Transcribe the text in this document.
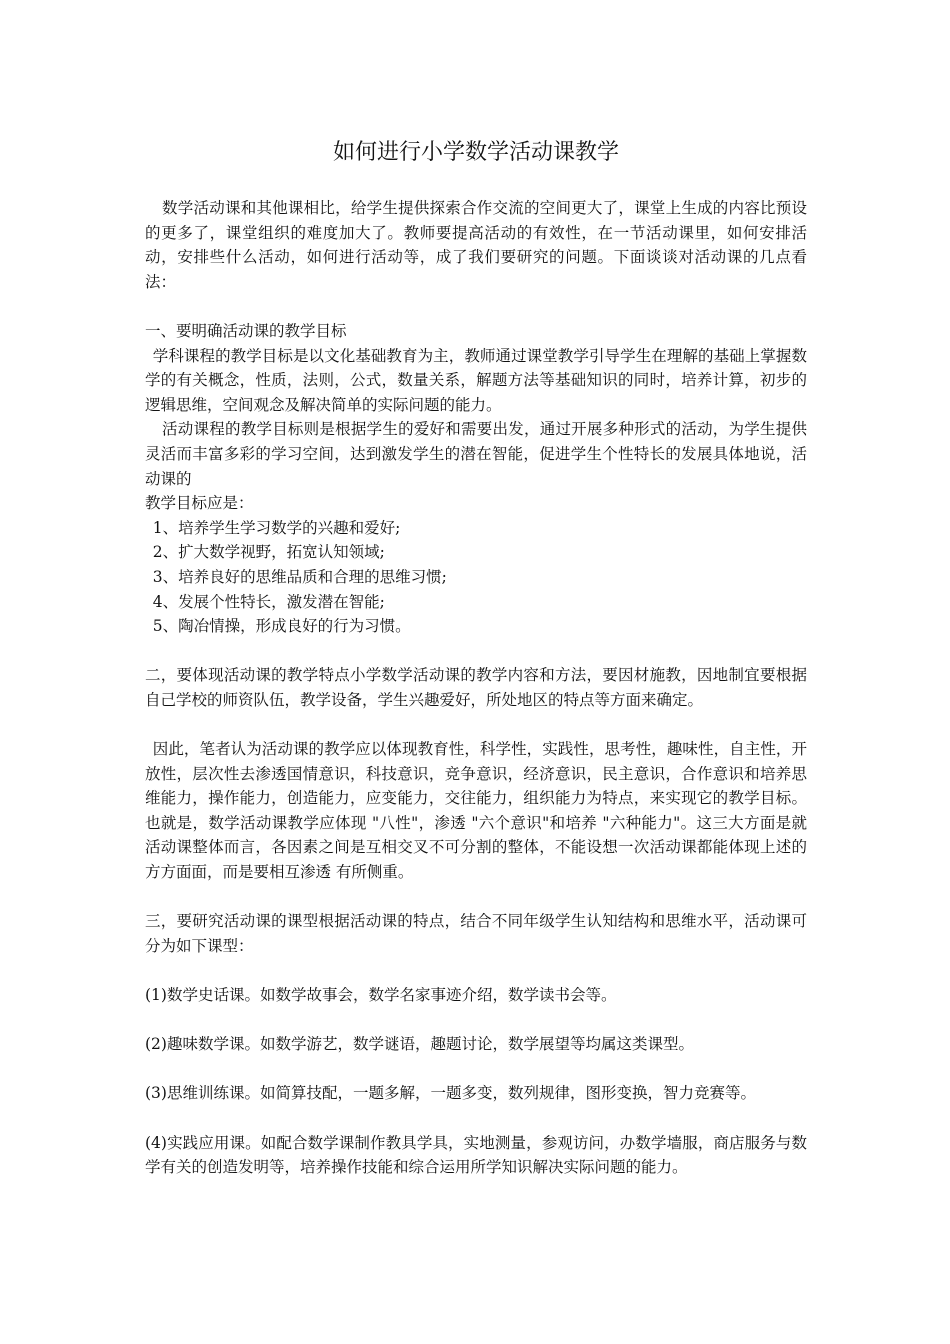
如何进行小学数学活动课教学

数学活动课和其他课相比，给学生提供探索合作交流的空间更大了，课堂上生成的内容比预设的更多了，课堂组织的难度加大了。教师要提高活动的有效性，在一节活动课里，如何安排活动，安排些什么活动，如何进行活动等，成了我们要研究的问题。下面谈谈对活动课的几点看法：

一、要明确活动课的教学目标

学科课程的教学目标是以文化基础教育为主，教师通过课堂教学引导学生在理解的基础上掌握数学的有关概念，性质，法则，公式，数量关系，解题方法等基础知识的同时，培养计算，初步的逻辑思维，空间观念及解决简单的实际问题的能力。

活动课程的教学目标则是根据学生的爱好和需要出发，通过开展多种形式的活动，为学生提供灵活而丰富多彩的学习空间，达到激发学生的潜在智能，促进学生个性特长的发展具体地说，活动课的

教学目标应是：

1、培养学生学习数学的兴趣和爱好;

2、扩大数学视野，拓宽认知领域;

3、培养良好的思维品质和合理的思维习惯;

4、发展个性特长，激发潜在智能;

5、陶冶情操，形成良好的行为习惯。

二，要体现活动课的教学特点小学数学活动课的教学内容和方法，要因材施教，因地制宜要根据自己学校的师资队伍，教学设备，学生兴趣爱好，所处地区的特点等方面来确定。

因此，笔者认为活动课的教学应以体现教育性，科学性，实践性，思考性，趣味性，自主性，开放性，层次性去渗透国情意识，科技意识，竞争意识，经济意识，民主意识，合作意识和培养思维能力，操作能力，创造能力，应变能力，交往能力，组织能力为特点，来实现它的教学目标。也就是，数学活动课教学应体现 "八性"，渗透 "六个意识"和培养 "六种能力"。这三大方面是就活动课整体而言，各因素之间是互相交叉不可分割的整体，不能设想一次活动课都能体现上述的方方面面，而是要相互渗透 有所侧重。

三，要研究活动课的课型根据活动课的特点，结合不同年级学生认知结构和思维水平，活动课可分为如下课型：

(1)数学史话课。如数学故事会，数学名家事迹介绍，数学读书会等。

(2)趣味数学课。如数学游艺，数学谜语，趣题讨论，数学展望等均属这类课型。

(3)思维训练课。如简算技配，一题多解，一题多变，数列规律，图形变换，智力竞赛等。

(4)实践应用课。如配合数学课制作教具学具，实地测量，参观访问，办数学墙服，商店服务与数学有关的创造发明等，培养操作技能和综合运用所学知识解决实际问题的能力。
